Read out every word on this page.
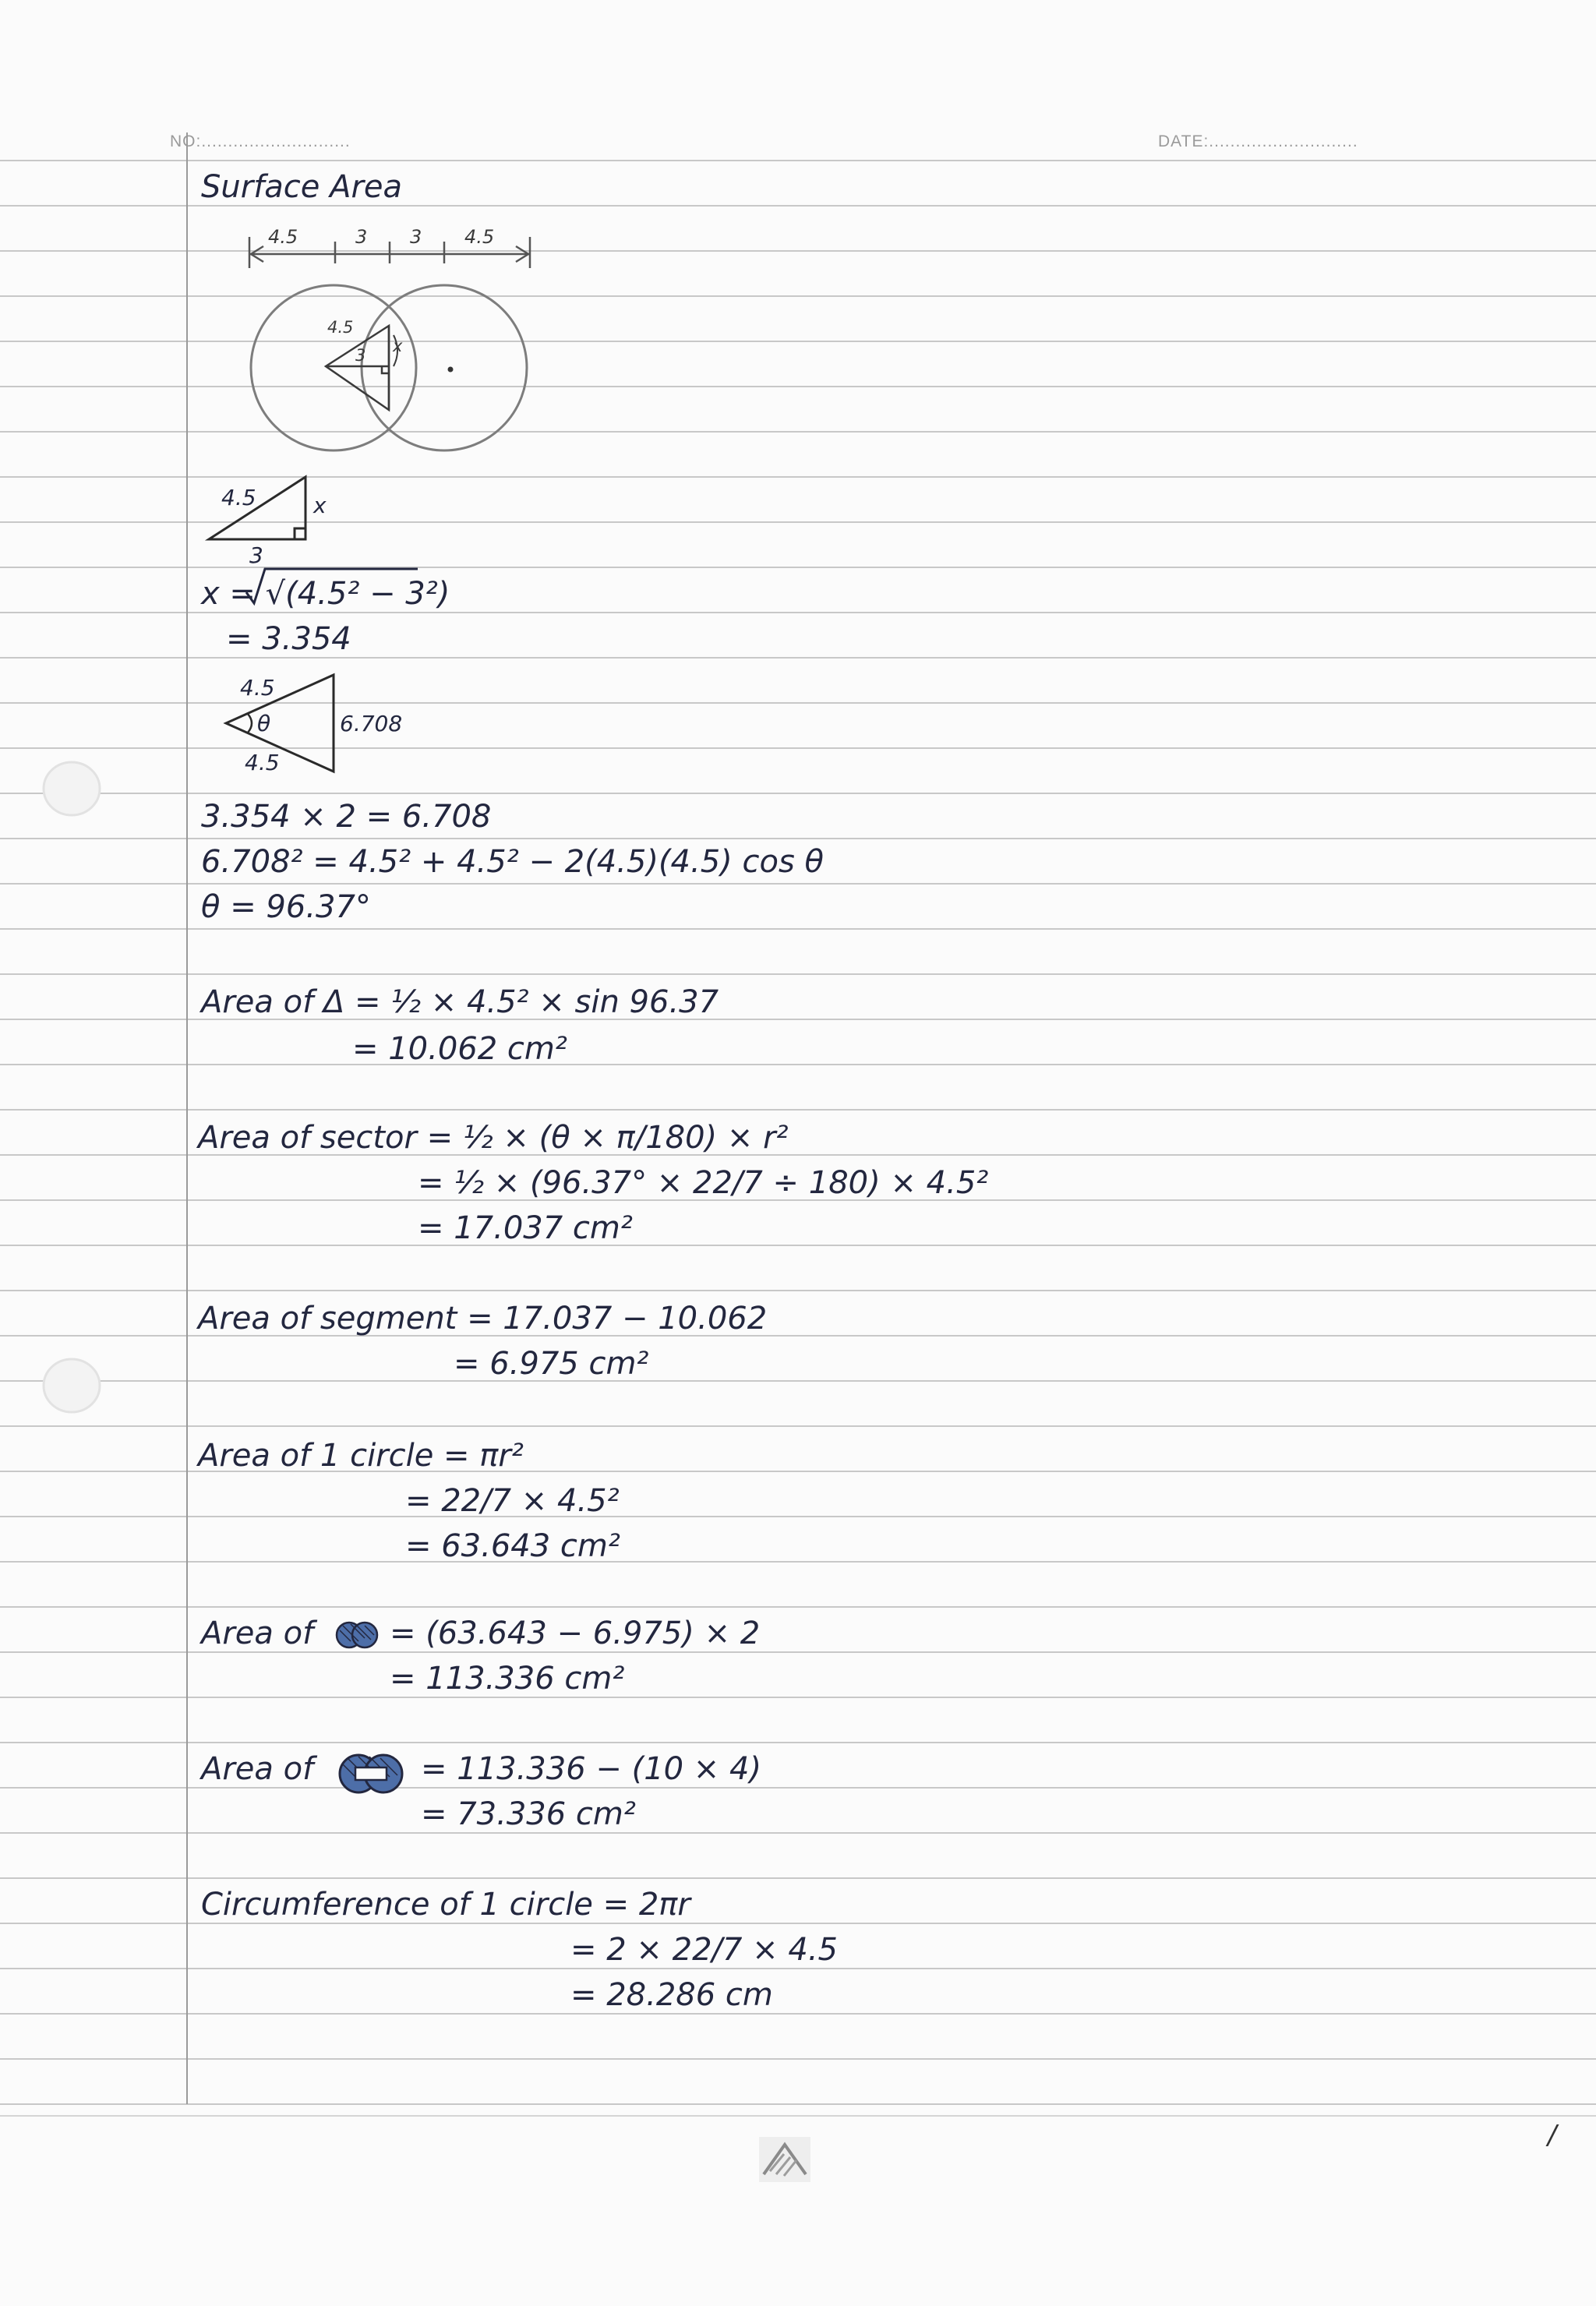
NO:............................	DATE:............................
Surface Area
4.5	3 3 4.5
4.5
3 x
4.5
3
x
x = √(4.5² − 3²)
= 3.354
4.5
4.5
θ	6.708
3.354 × 2 = 6.708
6.708² = 4.5² + 4.5² − 2(4.5)(4.5) cos θ
θ = 96.37°
Area of Δ = ½ × 4.5² × sin 96.37
= 10.062 cm²
Area of sector = ½ × (θ × π/180) × r²
= ½ × (96.37° × 22/7 ÷ 180) × 4.5²
= 17.037 cm²
Area of segment = 17.037 − 10.062
= 6.975 cm²
Area of 1 circle = πr²
= 22/7 × 4.5²
= 63.643 cm²
Area of = (63.643 − 6.975) × 2
= 113.336 cm²
Area of	= 113.336 − (10 × 4)
= 73.336 cm²
Circumference of 1 circle = 2πr
= 2 × 22/7 × 4.5
= 28.286 cm
/
